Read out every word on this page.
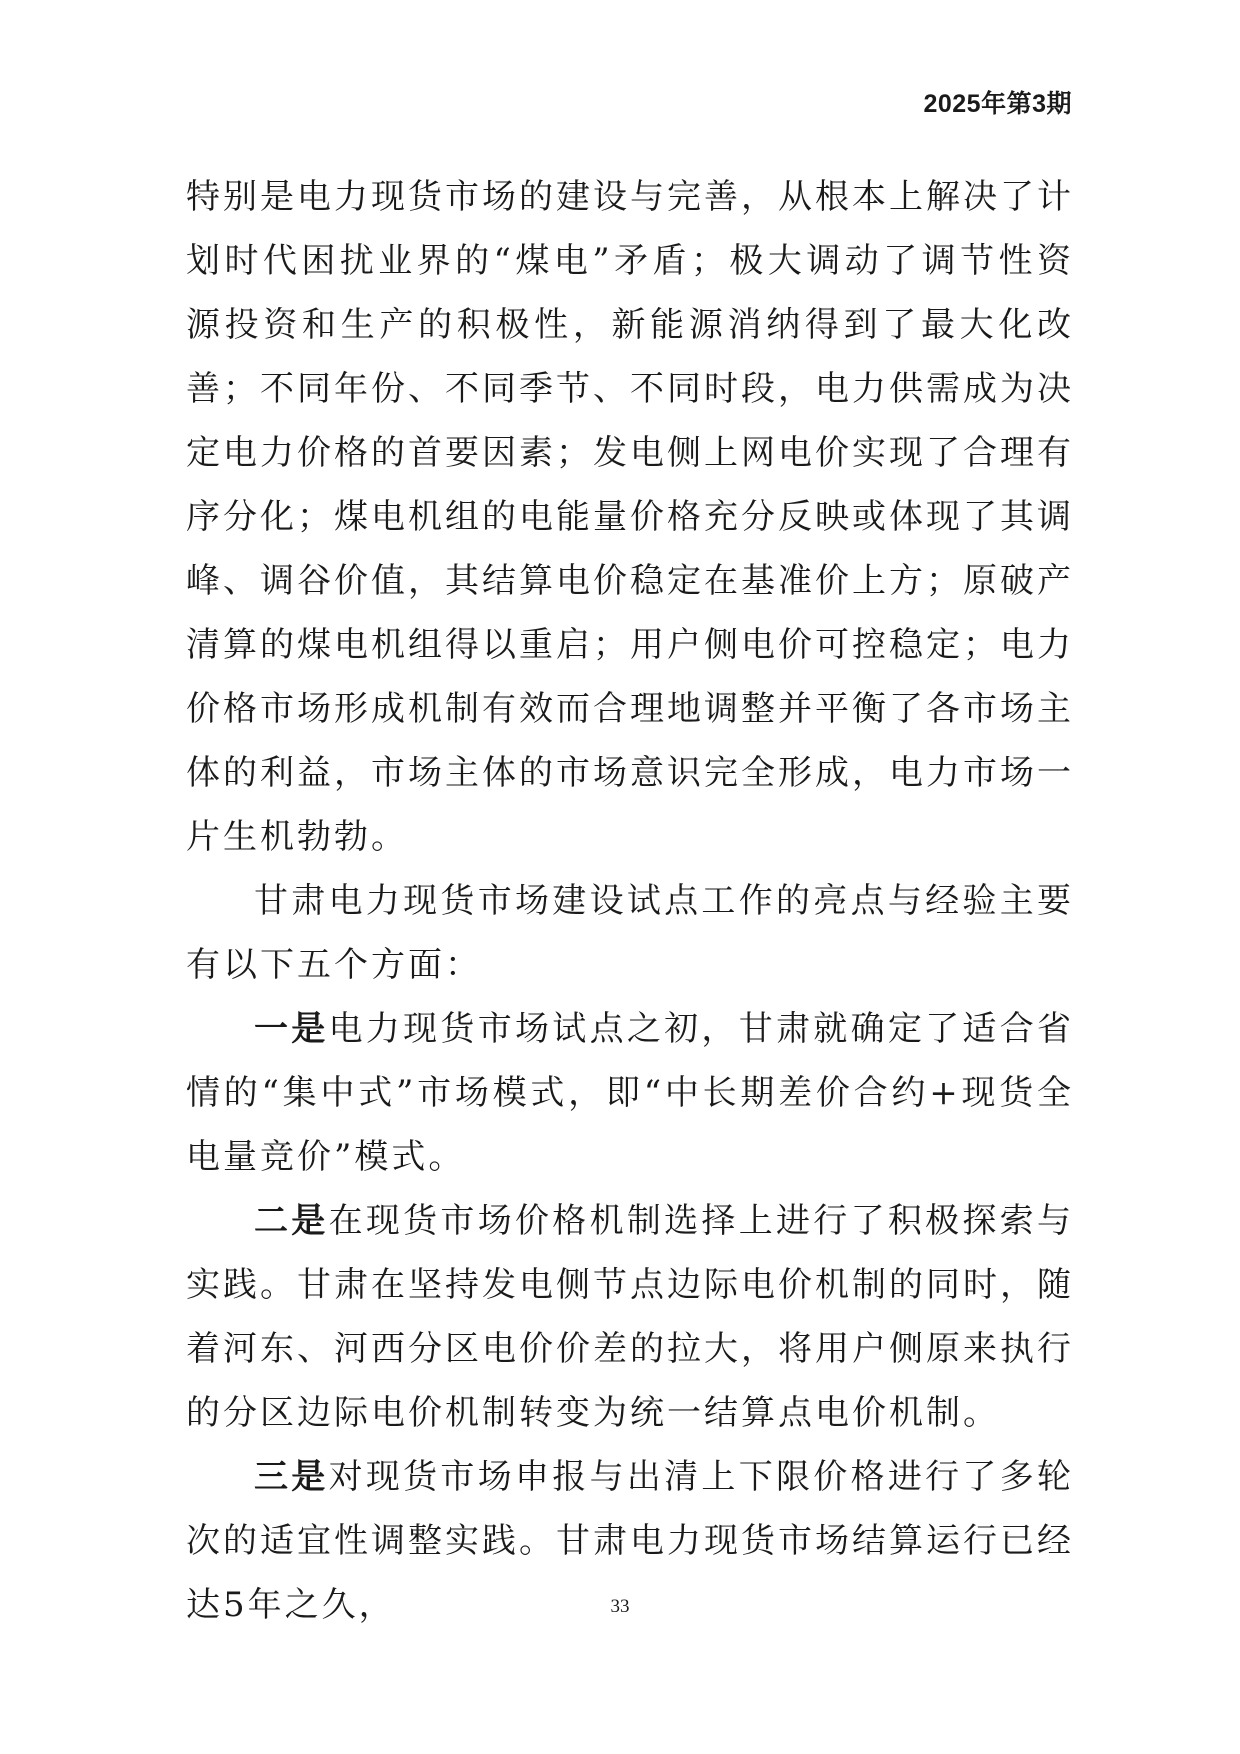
2025年第3期

特别是电力现货市场的建设与完善，从根本上解决了计划时代困扰业界的“煤电”矛盾；极大调动了调节性资源投资和生产的积极性，新能源消纳得到了最大化改善；不同年份、不同季节、不同时段，电力供需成为决定电力价格的首要因素；发电侧上网电价实现了合理有序分化；煤电机组的电能量价格充分反映或体现了其调峰、调谷价值，其结算电价稳定在基准价上方；原破产清算的煤电机组得以重启；用户侧电价可控稳定；电力价格市场形成机制有效而合理地调整并平衡了各市场主体的利益，市场主体的市场意识完全形成，电力市场一片生机勃勃。

甘肃电力现货市场建设试点工作的亮点与经验主要有以下五个方面：

一是电力现货市场试点之初，甘肃就确定了适合省情的“集中式”市场模式，即“中长期差价合约+现货全电量竞价”模式。

二是在现货市场价格机制选择上进行了积极探索与实践。甘肃在坚持发电侧节点边际电价机制的同时，随着河东、河西分区电价价差的拉大，将用户侧原来执行的分区边际电价机制转变为统一结算点电价机制。

三是对现货市场申报与出清上下限价格进行了多轮次的适宜性调整实践。甘肃电力现货市场结算运行已经达5年之久，	33
